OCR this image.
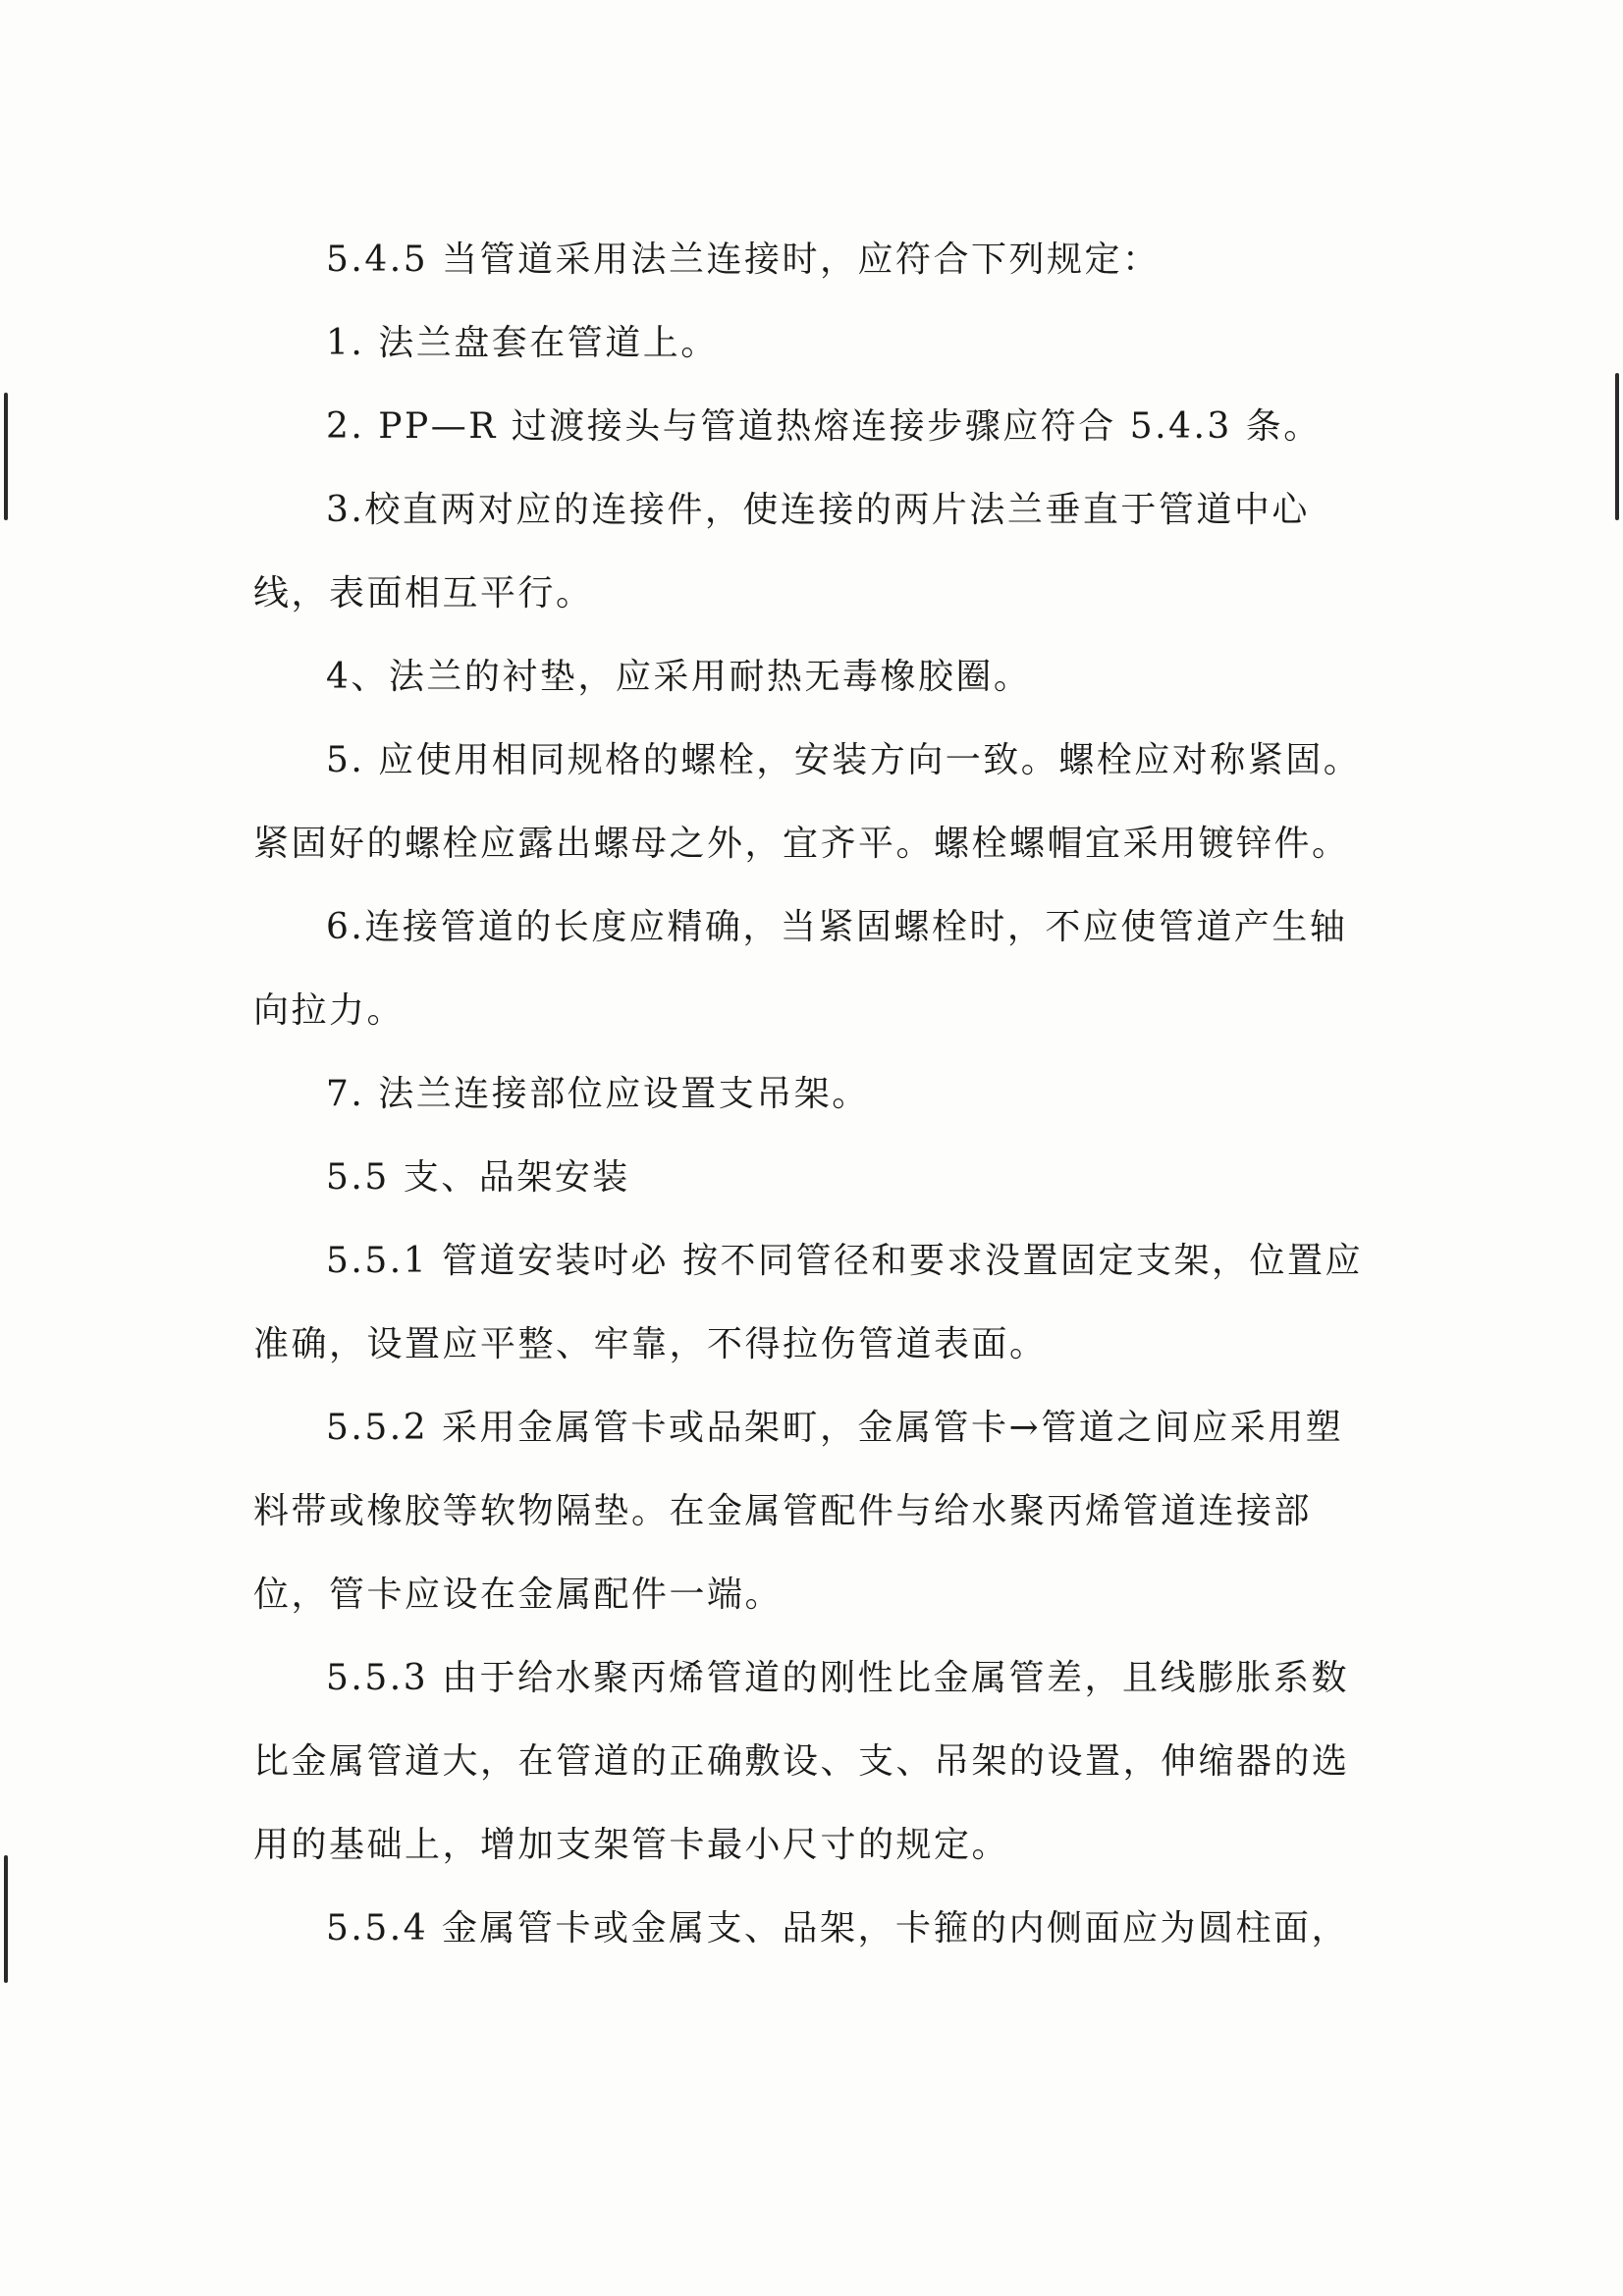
5.4.5 当管道采用法兰连接时，应符合下列规定：

1. 法兰盘套在管道上。

2. PP—R 过渡接头与管道热熔连接步骤应符合 5.4.3 条。

3.校直两对应的连接件，使连接的两片法兰垂直于管道中心线，表面相互平行。

4、法兰的衬垫，应采用耐热无毒橡胶圈。

5. 应使用相同规格的螺栓，安装方向一致。螺栓应对称紧固。紧固好的螺栓应露出螺母之外，宜齐平。螺栓螺帽宜采用镀锌件。

6.连接管道的长度应精确，当紧固螺栓时，不应使管道产生轴向拉力。

7. 法兰连接部位应设置支吊架。

5.5 支、品架安装

5.5.1 管道安装吋必 按不同管径和要求没置固定支架，位置应准确，设置应平整、牢靠，不得拉伤管道表面。

5.5.2 采用金属管卡或品架町，金属管卡→管道之间应采用塑料带或橡胶等软物隔垫。在金属管配件与给水聚丙烯管道连接部位，管卡应设在金属配件一端。

5.5.3 由于给水聚丙烯管道的刚性比金属管差，且线膨胀系数比金属管道大，在管道的正确敷设、支、吊架的设置，伸缩器的选用的基础上，增加支架管卡最小尺寸的规定。

5.5.4 金属管卡或金属支、品架，卡箍的内侧面应为圆柱面，
